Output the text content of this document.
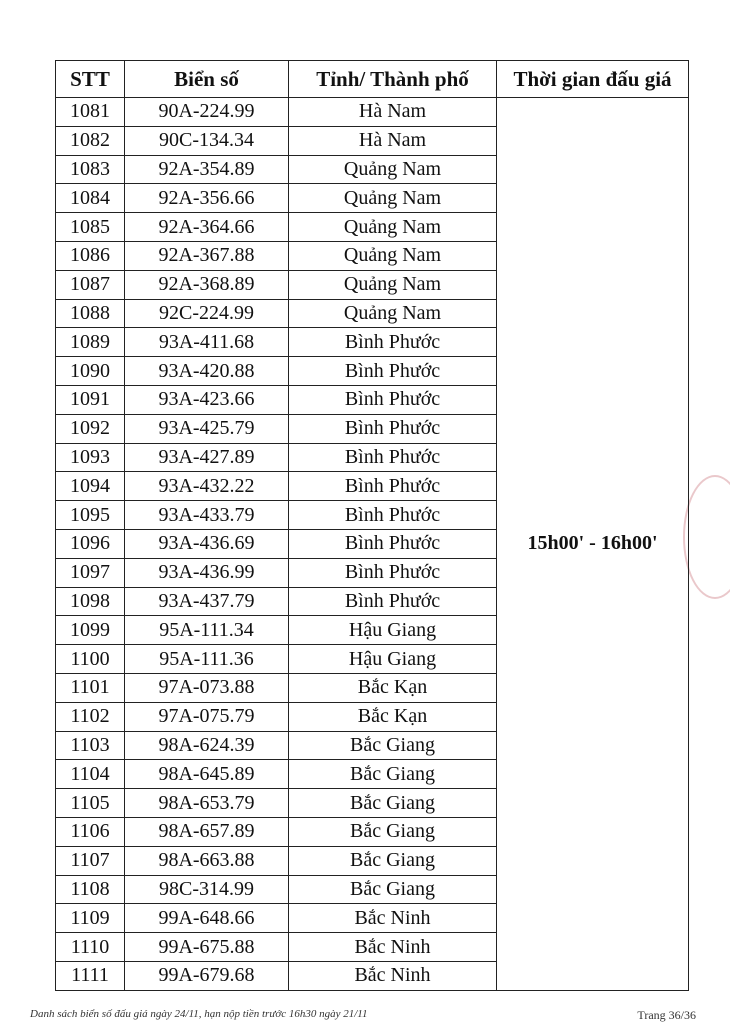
STT	Biển số	Tỉnh/ Thành phố	Thời gian đấu giá
1081	90A-224.99	Hà Nam	15h00' - 16h00'
1082	90C-134.34	Hà Nam	
1083	92A-354.89	Quảng Nam	
1084	92A-356.66	Quảng Nam	
1085	92A-364.66	Quảng Nam	
1086	92A-367.88	Quảng Nam	
1087	92A-368.89	Quảng Nam	
1088	92C-224.99	Quảng Nam	
1089	93A-411.68	Bình Phước	
1090	93A-420.88	Bình Phước	
1091	93A-423.66	Bình Phước	
1092	93A-425.79	Bình Phước	
1093	93A-427.89	Bình Phước	
1094	93A-432.22	Bình Phước	
1095	93A-433.79	Bình Phước	
1096	93A-436.69	Bình Phước	
1097	93A-436.99	Bình Phước	
1098	93A-437.79	Bình Phước	
1099	95A-111.34	Hậu Giang	
1100	95A-111.36	Hậu Giang	
1101	97A-073.88	Bắc Kạn	
1102	97A-075.79	Bắc Kạn	
1103	98A-624.39	Bắc Giang	
1104	98A-645.89	Bắc Giang	
1105	98A-653.79	Bắc Giang	
1106	98A-657.89	Bắc Giang	
1107	98A-663.88	Bắc Giang	
1108	98C-314.99	Bắc Giang	
1109	99A-648.66	Bắc Ninh	
1110	99A-675.88	Bắc Ninh	
1111	99A-679.68	Bắc Ninh	
Danh sách biển số đấu giá ngày 24/11, hạn nộp tiền trước 16h30 ngày 21/11	Trang 36/36
